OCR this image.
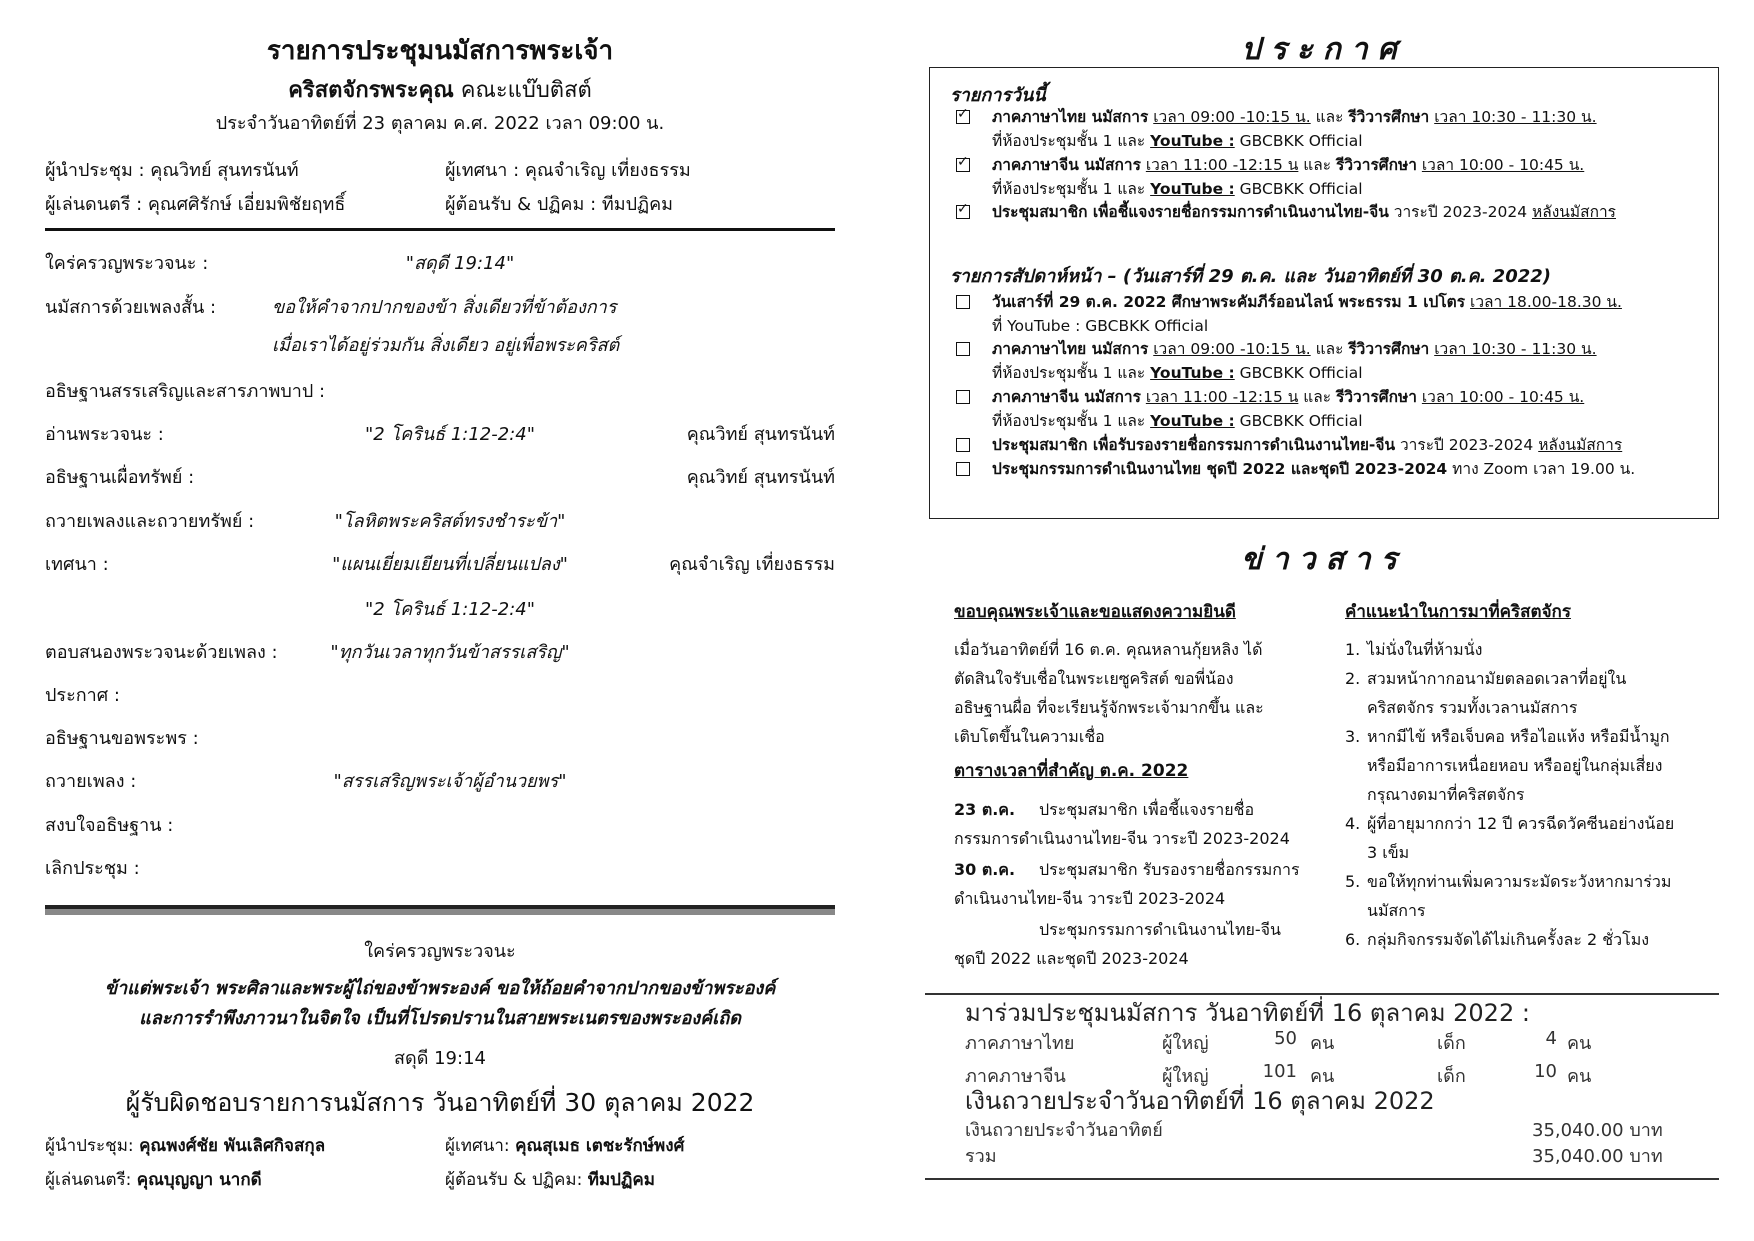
รายการประชุมนมัสการพระเจ้า
คริสตจักรพระคุณ คณะแบ๊บติสต์
ประจำวันอาทิตย์ที่ 23 ตุลาคม ค.ศ. 2022 เวลา 09:00 น.
ผู้นำประชุม : คุณวิทย์ สุนทรนันท์	ผู้เทศนา : คุณจำเริญ เที่ยงธรรม
ผู้เล่นดนตรี : คุณศศิรักษ์ เอี่ยมพิชัยฤทธิ์	ผู้ต้อนรับ & ปฏิคม : ทีมปฏิคม
ใคร่ครวญพระวจนะ :	"สดุดี 19:14"
นมัสการด้วยเพลงสั้น :	ขอให้คำจากปากของข้า สิ่งเดียวที่ข้าต้องการ
เมื่อเราได้อยู่ร่วมกัน สิ่งเดียว อยู่เพื่อพระคริสต์
อธิษฐานสรรเสริญและสารภาพบาป :
อ่านพระวจนะ :	"2 โครินธ์ 1:12-2:4"	คุณวิทย์ สุนทรนันท์
อธิษฐานเผื่อทรัพย์ :	คุณวิทย์ สุนทรนันท์
ถวายเพลงและถวายทรัพย์ :	"โลหิตพระคริสต์ทรงชำระข้า"
เทศนา :	"แผนเยี่ยมเยียนที่เปลี่ยนแปลง"	คุณจำเริญ เที่ยงธรรม
"2 โครินธ์ 1:12-2:4"
ตอบสนองพระวจนะด้วยเพลง :	"ทุกวันเวลาทุกวันข้าสรรเสริญ"
ประกาศ :
อธิษฐานขอพระพร :
ถวายเพลง :	"สรรเสริญพระเจ้าผู้อำนวยพร"
สงบใจอธิษฐาน :
เลิกประชุม :
ใคร่ครวญพระวจนะ
ข้าแต่พระเจ้า พระศิลาและพระผู้ไถ่ของข้าพระองค์ ขอให้ถ้อยคำจากปากของข้าพระองค์
และการรำพึงภาวนาในจิตใจ เป็นที่โปรดปรานในสายพระเนตรของพระองค์เถิด
สดุดี 19:14
ผู้รับผิดชอบรายการนมัสการ วันอาทิตย์ที่ 30 ตุลาคม 2022
ผู้นำประชุม: คุณพงศ์ชัย พันเลิศกิจสกุล	ผู้เทศนา: คุณสุเมธ เตชะรักษ์พงศ์
ผู้เล่นดนตรี: คุณบุญญา นากดี	ผู้ต้อนรับ & ปฏิคม: ทีมปฏิคม
ประกาศ
รายการวันนี้
✓
ภาคภาษาไทย นมัสการ เวลา 09:00 -10:15 น. และ รีวิวารศึกษา เวลา 10:30 - 11:30 น.
ที่ห้องประชุมชั้น 1 และ YouTube : GBCBKK Official
✓
ภาคภาษาจีน นมัสการ เวลา 11:00 -12:15 น และ รีวิวารศึกษา เวลา 10:00 - 10:45 น.
ที่ห้องประชุมชั้น 1 และ YouTube : GBCBKK Official
✓
ประชุมสมาชิก เพื่อชี้แจงรายชื่อกรรมการดำเนินงานไทย-จีน วาระปี 2023-2024 หลังนมัสการ
รายการสัปดาห์หน้า – (วันเสาร์ที่ 29 ต.ค. และ วันอาทิตย์ที่ 30 ต.ค. 2022)
วันเสาร์ที่ 29 ต.ค. 2022 ศึกษาพระคัมภีร์ออนไลน์ พระธรรม 1 เปโตร เวลา 18.00-18.30 น.
ที่ YouTube : GBCBKK Official
ภาคภาษาไทย นมัสการ เวลา 09:00 -10:15 น. และ รีวิวารศึกษา เวลา 10:30 - 11:30 น.
ที่ห้องประชุมชั้น 1 และ YouTube : GBCBKK Official
ภาคภาษาจีน นมัสการ เวลา 11:00 -12:15 น และ รีวิวารศึกษา เวลา 10:00 - 10:45 น.
ที่ห้องประชุมชั้น 1 และ YouTube : GBCBKK Official
ประชุมสมาชิก เพื่อรับรองรายชื่อกรรมการดำเนินงานไทย-จีน วาระปี 2023-2024 หลังนมัสการ
ประชุมกรรมการดำเนินงานไทย ชุดปี 2022 และชุดปี 2023-2024 ทาง Zoom เวลา 19.00 น.
ข่าวสาร
ขอบคุณพระเจ้าและขอแสดงความยินดี
เมื่อวันอาทิตย์ที่ 16 ต.ค. คุณหลานกุ้ยหลิง ได้
ตัดสินใจรับเชื่อในพระเยซูคริสต์ ขอพี่น้อง
อธิษฐานผื่อ ที่จะเรียนรู้จักพระเจ้ามากขึ้น และ
เติบโตขึ้นในความเชื่อ
ตารางเวลาที่สำคัญ ต.ค. 2022
23 ต.ค. ประชุมสมาชิก เพื่อชี้แจงรายชื่อ
กรรมการดำเนินงานไทย-จีน วาระปี 2023-2024
30 ต.ค. ประชุมสมาชิก รับรองรายชื่อกรรมการ
ดำเนินงานไทย-จีน วาระปี 2023-2024
ประชุมกรรมการดำเนินงานไทย-จีน
ชุดปี 2022 และชุดปี 2023-2024
คำแนะนำในการมาที่คริสตจักร
1. ไม่นั่งในที่ห้ามนั่ง
2. สวมหน้ากากอนามัยตลอดเวลาที่อยู่ใน
คริสตจักร รวมทั้งเวลานมัสการ
3. หากมีไข้ หรือเจ็บคอ หรือไอแห้ง หรือมีน้ำมูก
หรือมีอาการเหนื่อยหอบ หรืออยู่ในกลุ่มเสี่ยง
กรุณางดมาที่คริสตจักร
4. ผู้ที่อายุมากกว่า 12 ปี ควรฉีดวัคซีนอย่างน้อย
3 เข็ม
5. ขอให้ทุกท่านเพิ่มความระมัดระวังหากมาร่วม
นมัสการ
6. กลุ่มกิจกรรมจัดได้ไม่เกินครั้งละ 2 ชั่วโมง
มาร่วมประชุมนมัสการ วันอาทิตย์ที่ 16 ตุลาคม 2022 :
เงินถวายประจำวันอาทิตย์ที่ 16 ตุลาคม 2022
เงินถวายประจำวันอาทิตย์	35,040.00 บาท
รวม	35,040.00 บาท
ภาคภาษาไทย	ผู้ใหญ่	50 คน	เด็ก	4 คน
ภาคภาษาจีน	ผู้ใหญ่	101 คน	เด็ก	10 คน
